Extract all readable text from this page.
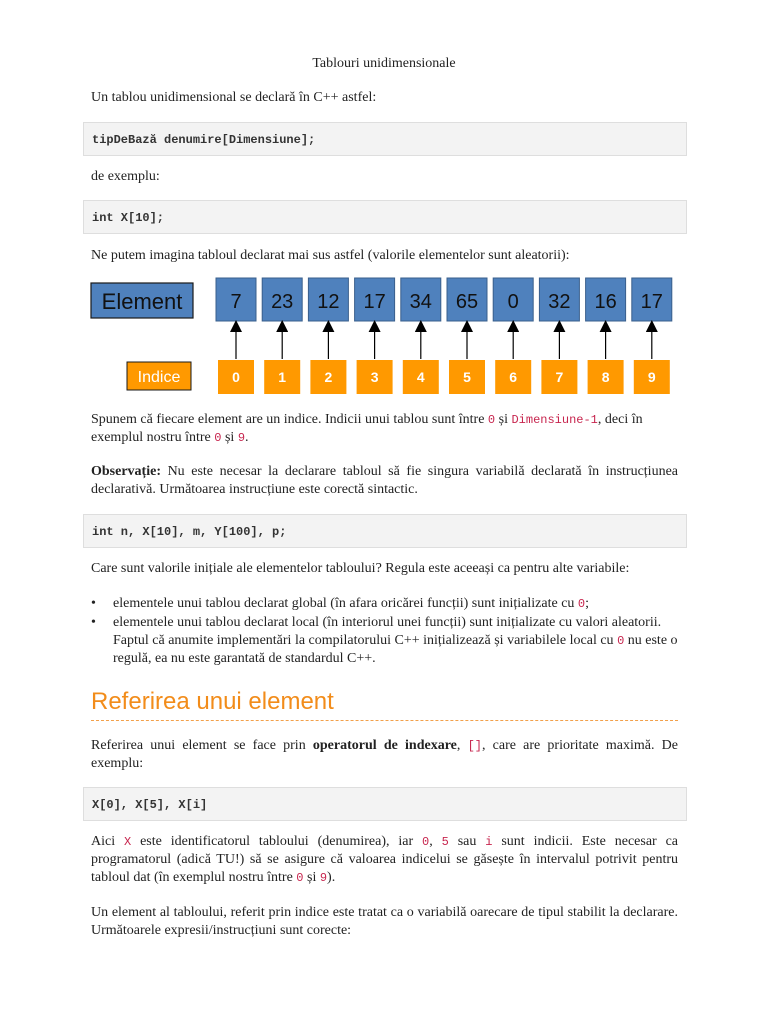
Tablouri unidimensionale
Un tablou unidimensional se declară în C++ astfel:
tipDeBază denumire[Dimensiune];
de exemplu:
int X[10];
Ne putem imagina tabloul declarat mai sus astfel (valorile elementelor sunt aleatorii):
Element
Indice
7
0
23
1
12
2
17
3
34
4
65
5
0
6
32
7
16
8
17
9
Spunem că fiecare element are un indice. Indicii unui tablou sunt între 0 și Dimensiune-1, deci în exemplul nostru între 0 și 9.
Observație: Nu este necesar la declarare tabloul să fie singura variabilă declarată în instrucțiunea declarativă. Următoarea instrucțiune este corectă sintactic.
int n, X[10], m, Y[100], p;
Care sunt valorile inițiale ale elementelor tabloului? Regula este aceeași ca pentru alte variabile:
• elementele unui tablou declarat global (în afara oricărei funcții) sunt inițializate cu 0;
• elementele unui tablou declarat local (în interiorul unei funcții) sunt inițializate cu valori aleatorii. Faptul că anumite implementări la compilatorului C++ inițializează și variabilele local cu 0 nu este o regulă, ea nu este garantată de standardul C++.
Referirea unui element
Referirea unui element se face prin operatorul de indexare, [], care are prioritate maximă. De exemplu:
X[0], X[5], X[i]
Aici X este identificatorul tabloului (denumirea), iar 0, 5 sau i sunt indicii. Este necesar ca programatorul (adică TU!) să se asigure că valoarea indicelui se găsește în intervalul potrivit pentru tabloul dat (în exemplul nostru între 0 și 9).
Un element al tabloului, referit prin indice este tratat ca o variabilă oarecare de tipul stabilit la declarare. Următoarele expresii/instrucțiuni sunt corecte:
